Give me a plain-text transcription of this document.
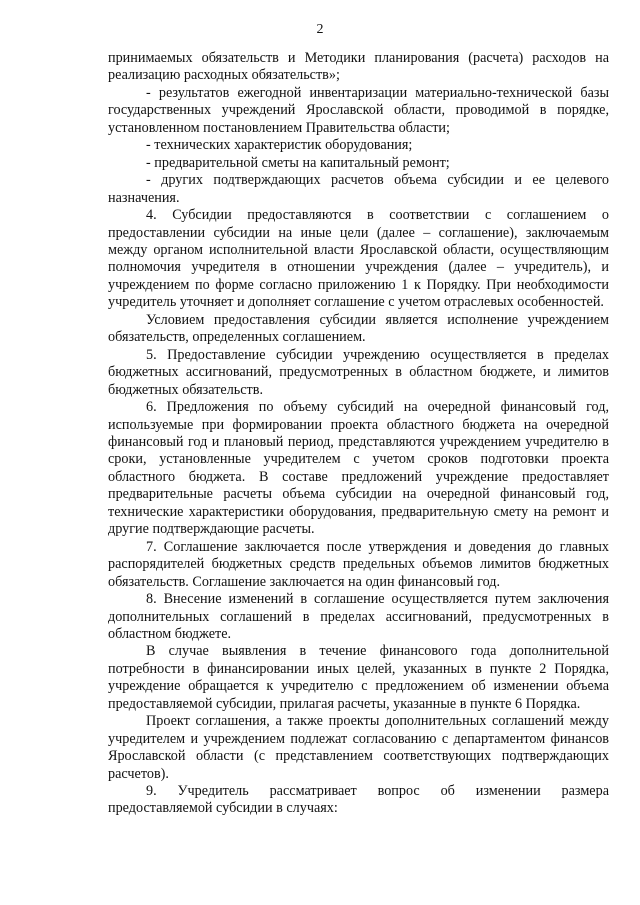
2

принимаемых обязательств и Методики планирования (расчета) расходов на реализацию расходных обязательств»;

- результатов ежегодной инвентаризации материально-технической базы государственных учреждений Ярославской области, проводимой в порядке, установленном постановлением Правительства области;

- технических характеристик оборудования;

- предварительной сметы на капитальный ремонт;

- других подтверждающих расчетов объема субсидии и ее целевого назначения.

4. Субсидии предоставляются в соответствии с соглашением о предоставлении субсидии на иные цели (далее – соглашение), заключаемым между органом исполнительной власти Ярославской области, осуществляющим полномочия учредителя в отношении учреждения (далее – учредитель), и учреждением по форме согласно приложению 1 к Порядку. При необходимости учредитель уточняет и дополняет соглашение с учетом отраслевых особенностей.

Условием предоставления субсидии является исполнение учреждением обязательств, определенных соглашением.

5. Предоставление субсидии учреждению осуществляется в пределах бюджетных ассигнований, предусмотренных в областном бюджете, и лимитов бюджетных обязательств.

6. Предложения по объему субсидий на очередной финансовый год, используемые при формировании проекта областного бюджета на очередной финансовый год и плановый период, представляются учреждением учредителю в сроки, установленные учредителем с учетом сроков подготовки проекта областного бюджета. В составе предложений учреждение предоставляет предварительные расчеты объема субсидии на очередной финансовый год, технические характеристики оборудования, предварительную смету на ремонт и другие подтверждающие расчеты.

7. Соглашение заключается после утверждения и доведения до главных распорядителей бюджетных средств предельных объемов лимитов бюджетных обязательств. Соглашение заключается на один финансовый год.

8. Внесение изменений в соглашение осуществляется путем заключения дополнительных соглашений в пределах ассигнований, предусмотренных в областном бюджете.

В случае выявления в течение финансового года дополнительной потребности в финансировании иных целей, указанных в пункте 2 Порядка, учреждение обращается к учредителю с предложением об изменении объема предоставляемой субсидии, прилагая расчеты, указанные в пункте 6 Порядка.

Проект соглашения, а также проекты дополнительных соглашений между учредителем и учреждением подлежат согласованию с департаментом финансов Ярославской области (с представлением соответствующих подтверждающих расчетов).

9. Учредитель рассматривает вопрос об изменении размера предоставляемой субсидии в случаях:
